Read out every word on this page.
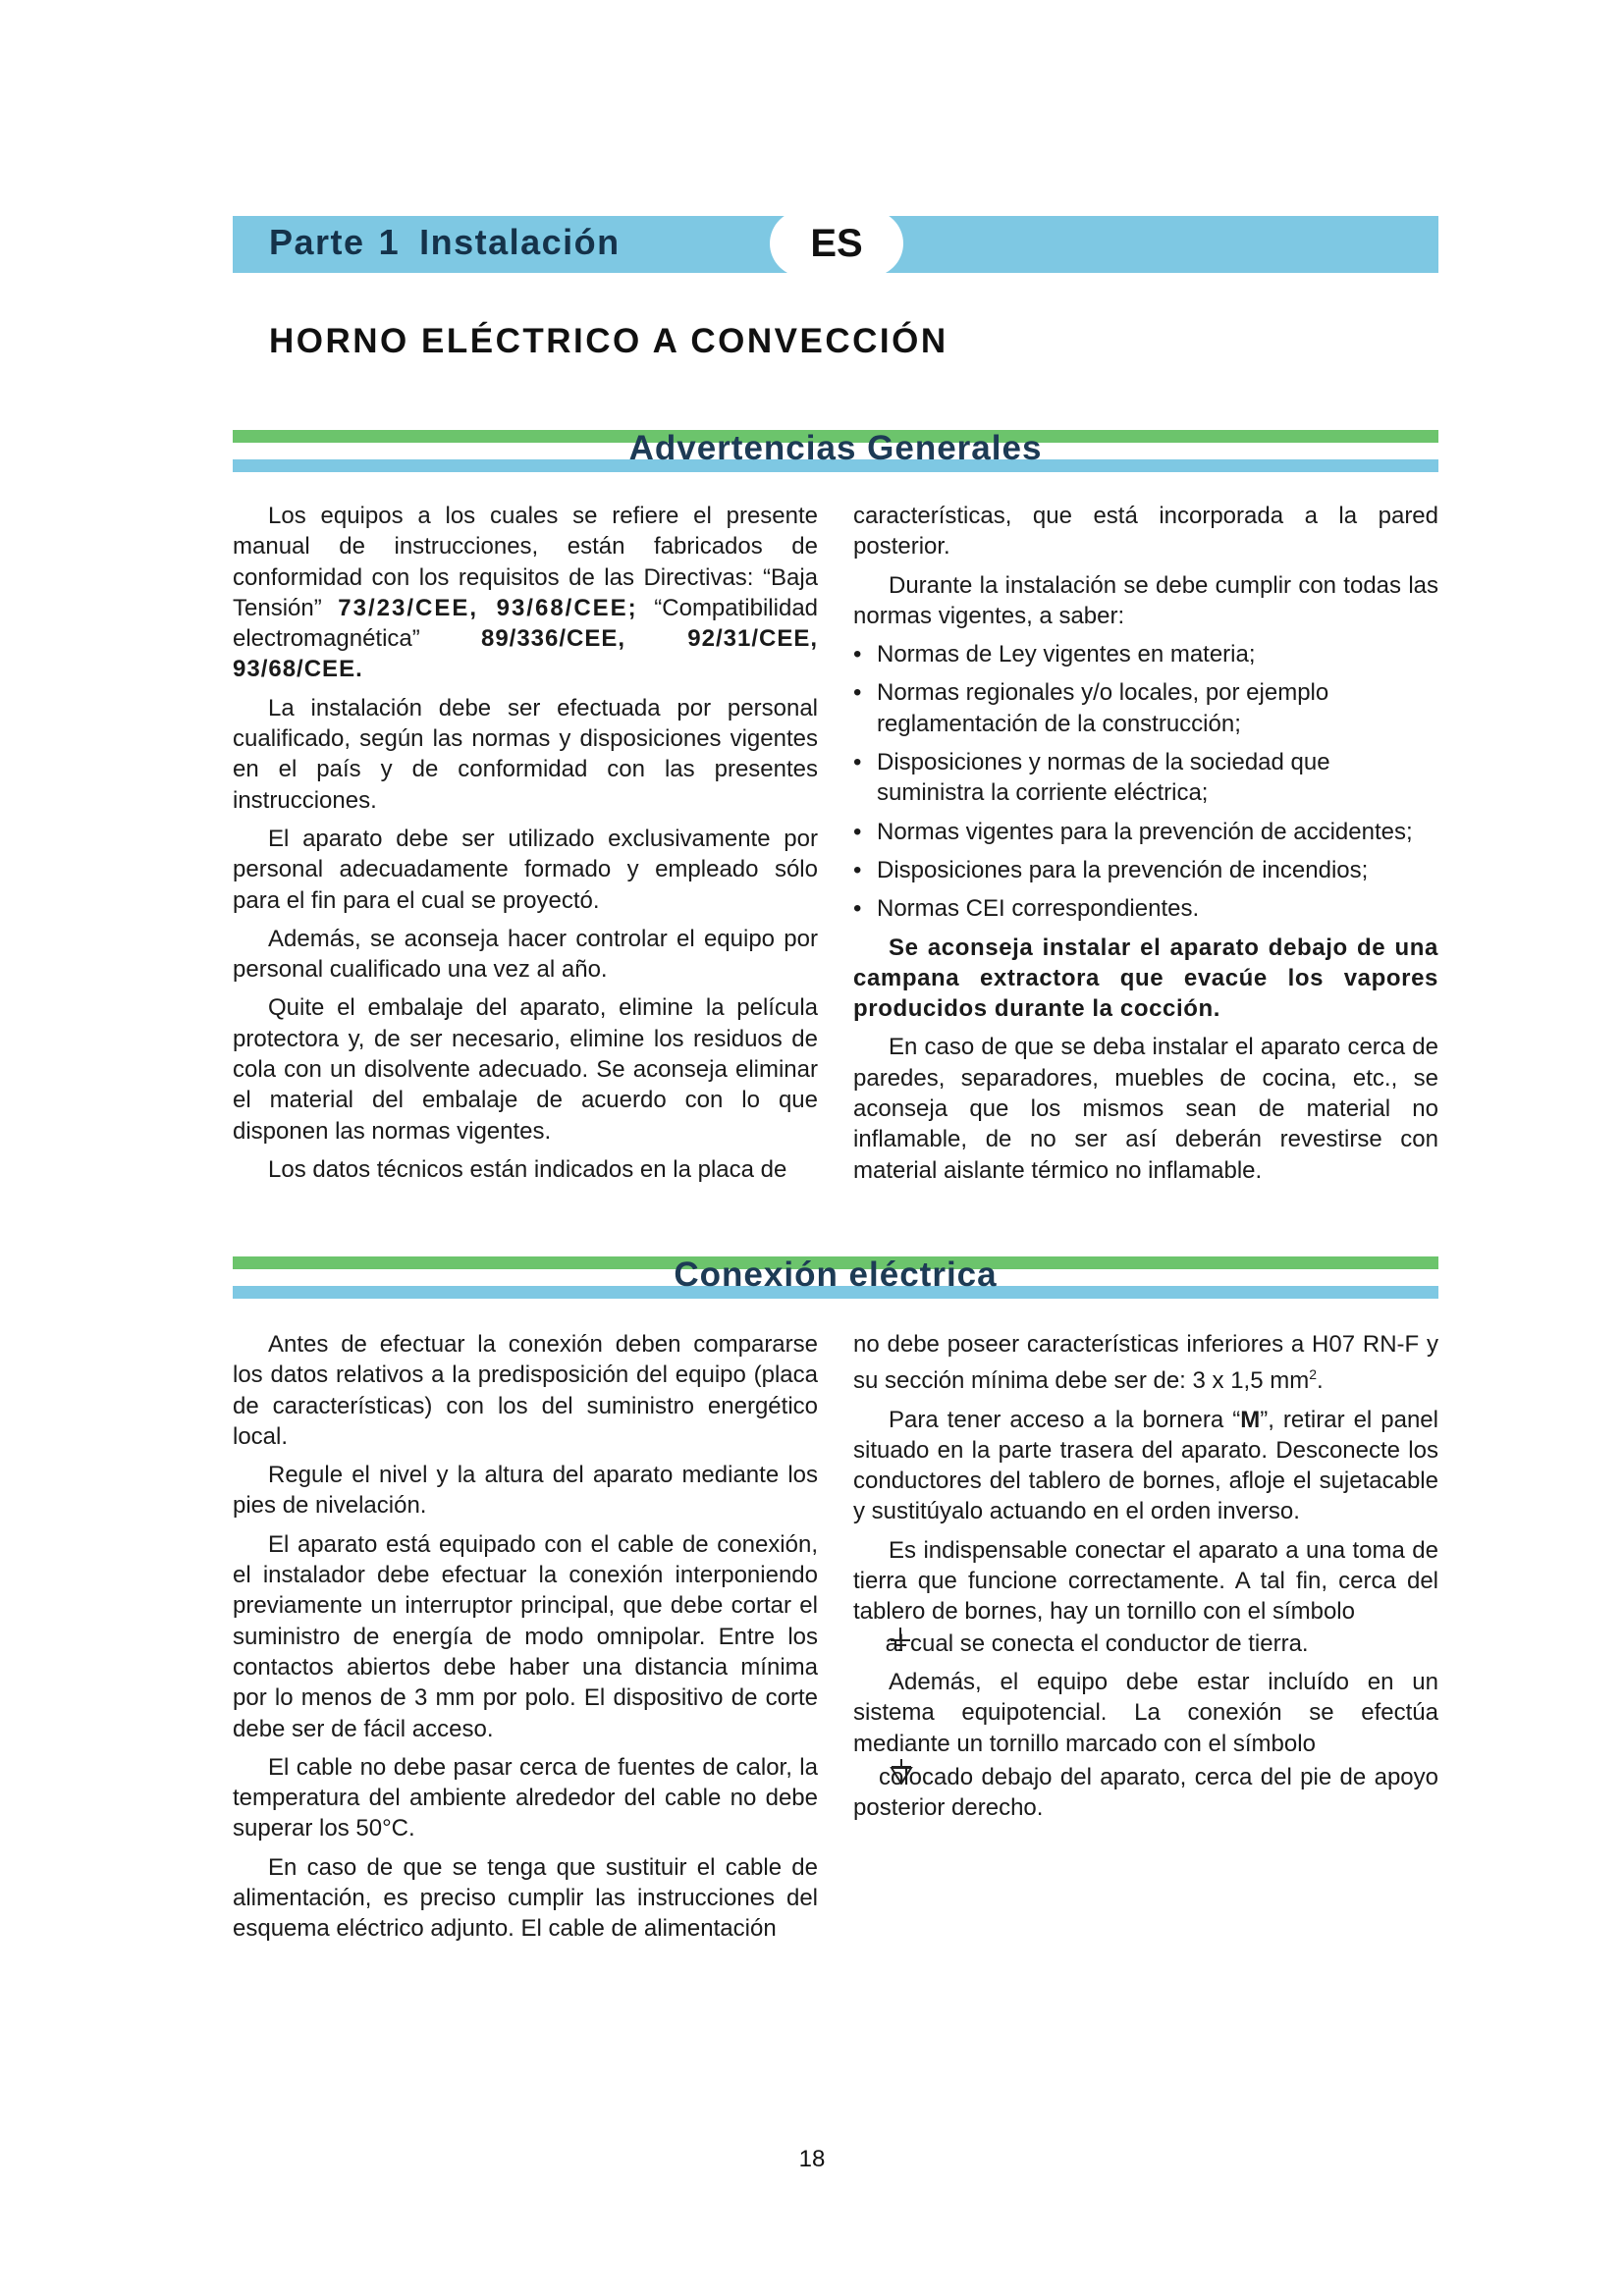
Parte 1 Instalación	ES
HORNO ELÉCTRICO A CONVECCIÓN
Advertencias Generales

Los equipos a los cuales se refiere el presente manual de instrucciones, están fabricados de conformidad con los requisitos de las Directivas: “Baja Tensión” 73/23/CEE, 93/68/CEE; “Compatibilidad electromagnética”	89/336/CEE, 92/31/CEE, 93/68/CEE.

La instalación debe ser efectuada por personal cualificado, según las normas y disposiciones vigentes en el país y de conformidad con las presentes instrucciones.

El aparato debe ser utilizado exclusivamente por personal adecuadamente formado y empleado sólo para el fin para el cual se proyectó.

Además, se aconseja hacer controlar el equipo por personal cualificado una vez al año.

Quite el embalaje del aparato, elimine la película protectora y, de ser necesario, elimine los residuos de cola con un disolvente adecuado. Se aconseja eliminar el material del embalaje de acuerdo con lo que disponen las normas vigentes.

Los datos técnicos están indicados en la placa de

características, que está incorporada a la pared posterior.

Durante la instalación se debe cumplir con todas las normas vigentes, a saber:

• Normas de Ley vigentes en materia;
• Normas regionales y/o locales, por ejemplo reglamentación de la construcción;
• Disposiciones y normas de la sociedad que suministra la corriente eléctrica;
• Normas vigentes para la prevención de accidentes;
• Disposiciones para la prevención de incendios;
• Normas CEI correspondientes.

Se aconseja instalar el aparato debajo de una campana extractora que evacúe los vapores producidos durante la cocción.

En caso de que se deba instalar el aparato cerca de paredes, separadores, muebles de cocina, etc., se aconseja que los mismos sean de material no inflamable, de no ser así deberán revestirse con material aislante térmico no inflamable.

Conexión eléctrica

Antes de efectuar la conexión deben compararse los datos relativos a la predisposición del equipo (placa de características) con los del suministro energético local.

Regule el nivel y la altura del aparato mediante los pies de nivelación.

El aparato está equipado con el cable de conexión, el instalador debe efectuar la conexión interponiendo previamente un interruptor principal, que debe cortar el suministro de energía de modo omnipolar. Entre los contactos abiertos debe haber una distancia mínima por lo menos de 3 mm por polo. El dispositivo de corte debe ser de fácil acceso.

El cable no debe pasar cerca de fuentes de calor, la temperatura del ambiente alrededor del cable no debe superar los 50°C.

En caso de que se tenga que sustituir el cable de alimentación, es preciso cumplir las instrucciones del esquema eléctrico adjunto. El cable de alimentación

no debe poseer características inferiores a H07 RN-F y su sección mínima debe ser de: 3 x 1,5 $mm^2$.

Para tener acceso a la bornera “M”, retirar el panel situado en la parte trasera del aparato. Desconecte los conductores del tablero de bornes, afloje el sujetacable y sustitúyalo actuando en el orden inverso.

Es indispensable conectar el aparato a una toma de tierra que funcione correctamente. A tal fin, cerca del tablero de bornes, hay un tornillo con el símbolo
al cual se conecta el conductor de tierra.

Además, el equipo debe estar incluído en un sistema equipotencial. La conexión se efectúa mediante un tornillo marcado con el símbolo
colocado debajo del aparato, cerca del pie de apoyo posterior derecho.

18
